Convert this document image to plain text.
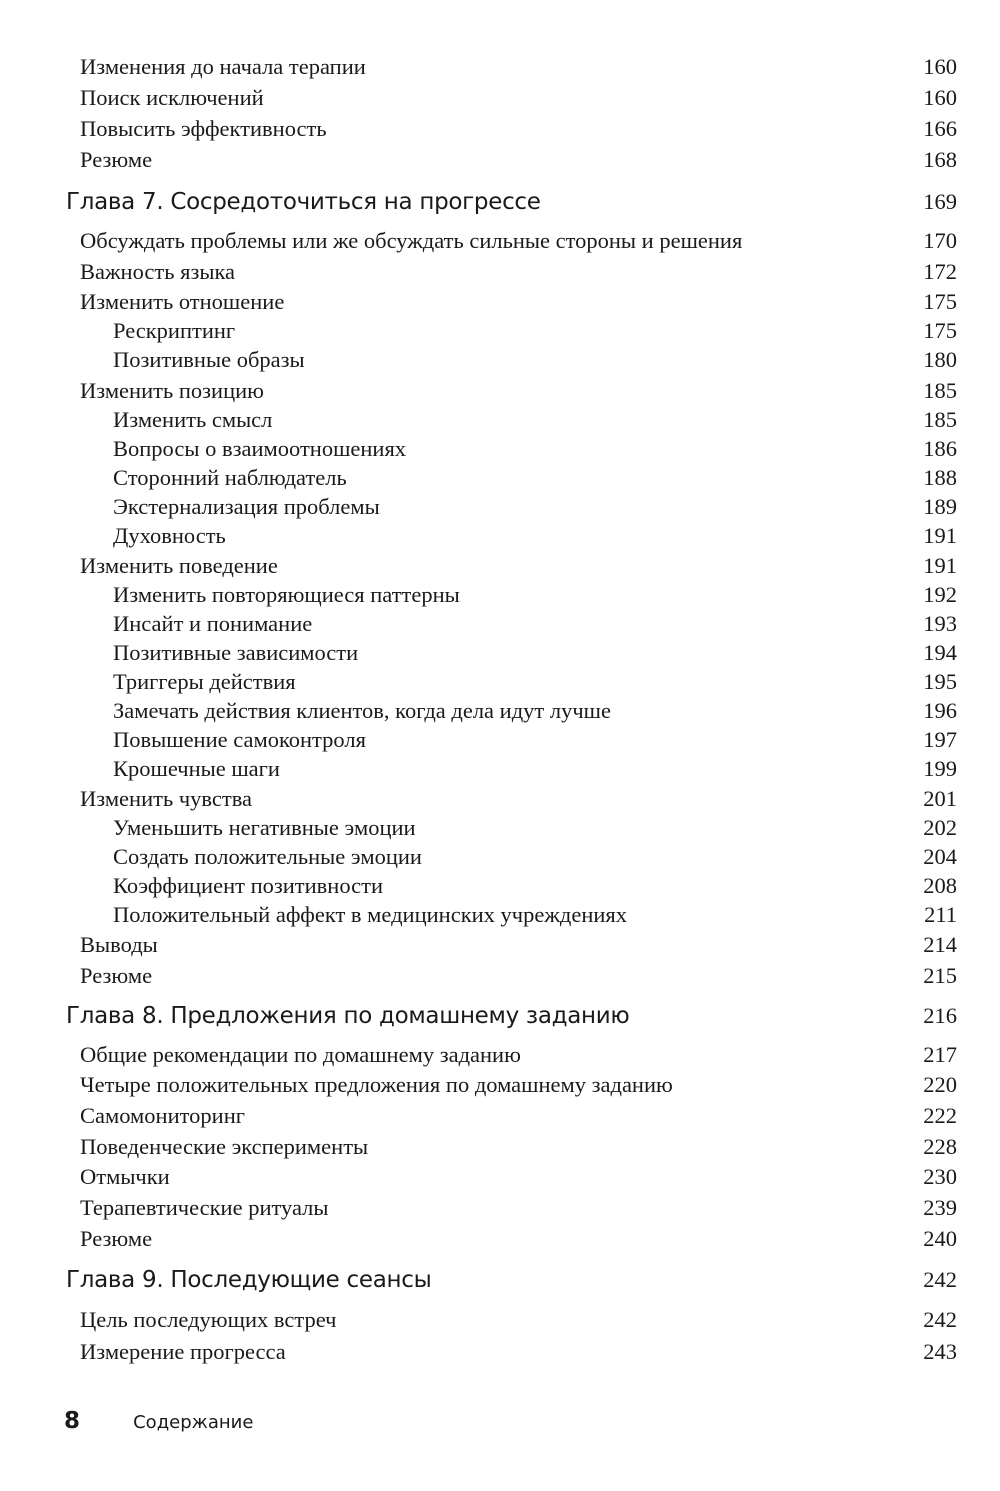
Изменения до начала терапии	160
Поиск исключений	160
Повысить эффективность	166
Резюме	168
Глава 7. Сосредоточиться на прогрессе	169
Обсуждать проблемы или же обсуждать сильные стороны и решения	170
Важность языка	172
Изменить отношение	175
Рескриптинг	175
Позитивные образы	180
Изменить позицию	185
Изменить смысл	185
Вопросы о взаимоотношениях	186
Сторонний наблюдатель	188
Экстернализация проблемы	189
Духовность	191
Изменить поведение	191
Изменить повторяющиеся паттерны	192
Инсайт и понимание	193
Позитивные зависимости	194
Триггеры действия	195
Замечать действия клиентов, когда дела идут лучше	196
Повышение самоконтроля	197
Крошечные шаги	199
Изменить чувства	201
Уменьшить негативные эмоции	202
Создать положительные эмоции	204
Коэффициент позитивности	208
Положительный аффект в медицинских учреждениях	211
Выводы	214
Резюме	215
Глава 8. Предложения по домашнему заданию	216
Общие рекомендации по домашнему заданию	217
Четыре положительных предложения по домашнему заданию	220
Самомониторинг	222
Поведенческие эксперименты	228
Отмычки	230
Терапевтические ритуалы	239
Резюме	240
Глава 9. Последующие сеансы	242
Цель последующих встреч	242
Измерение прогресса	243
8	Содержание
